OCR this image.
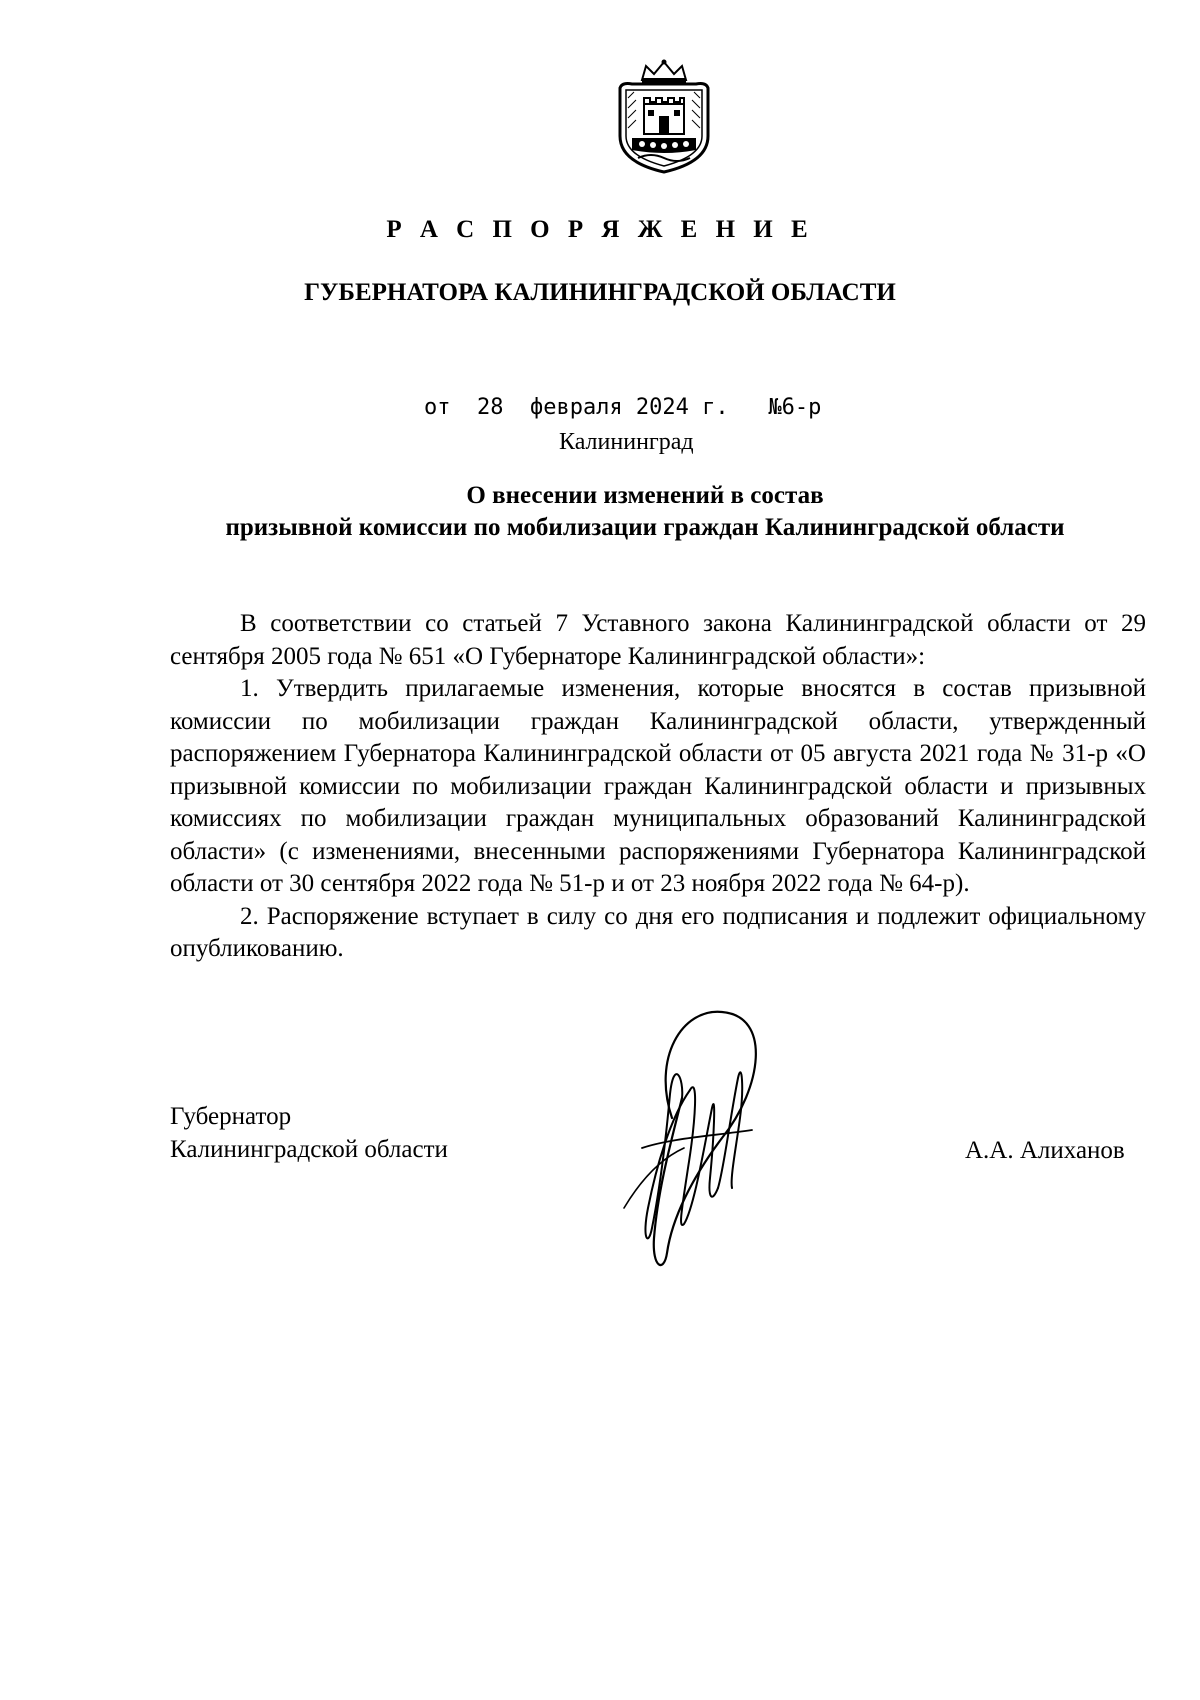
Р А С П О Р Я Ж Е Н И Е
ГУБЕРНАТОРА КАЛИНИНГРАДСКОЙ ОБЛАСТИ

от  28  февраля 2024 г.   №6-р

Калининград

О внесении изменений в состав
призывной комиссии по мобилизации граждан Калининградской области

В соответствии со статьей 7 Уставного закона Калининградской области от 29 сентября 2005 года № 651 «О Губернаторе Калининградской области»:

1. Утвердить прилагаемые изменения, которые вносятся в состав призывной комиссии по мобилизации граждан Калининградской области, утвержденный распоряжением Губернатора Калининградской области от 05 августа 2021 года № 31-р «О призывной комиссии по мобилизации граждан Калининградской области и призывных комиссиях по мобилизации граждан муниципальных образований Калининградской области» (с изменениями, внесенными распоряжениями Губернатора Калининградской области от 30 сентября 2022 года № 51-р и от 23 ноября 2022 года № 64-р).

2. Распоряжение вступает в силу со дня его подписания и подлежит официальному опубликованию.

Губернатор
Калининградской области	А.А. Алиханов
